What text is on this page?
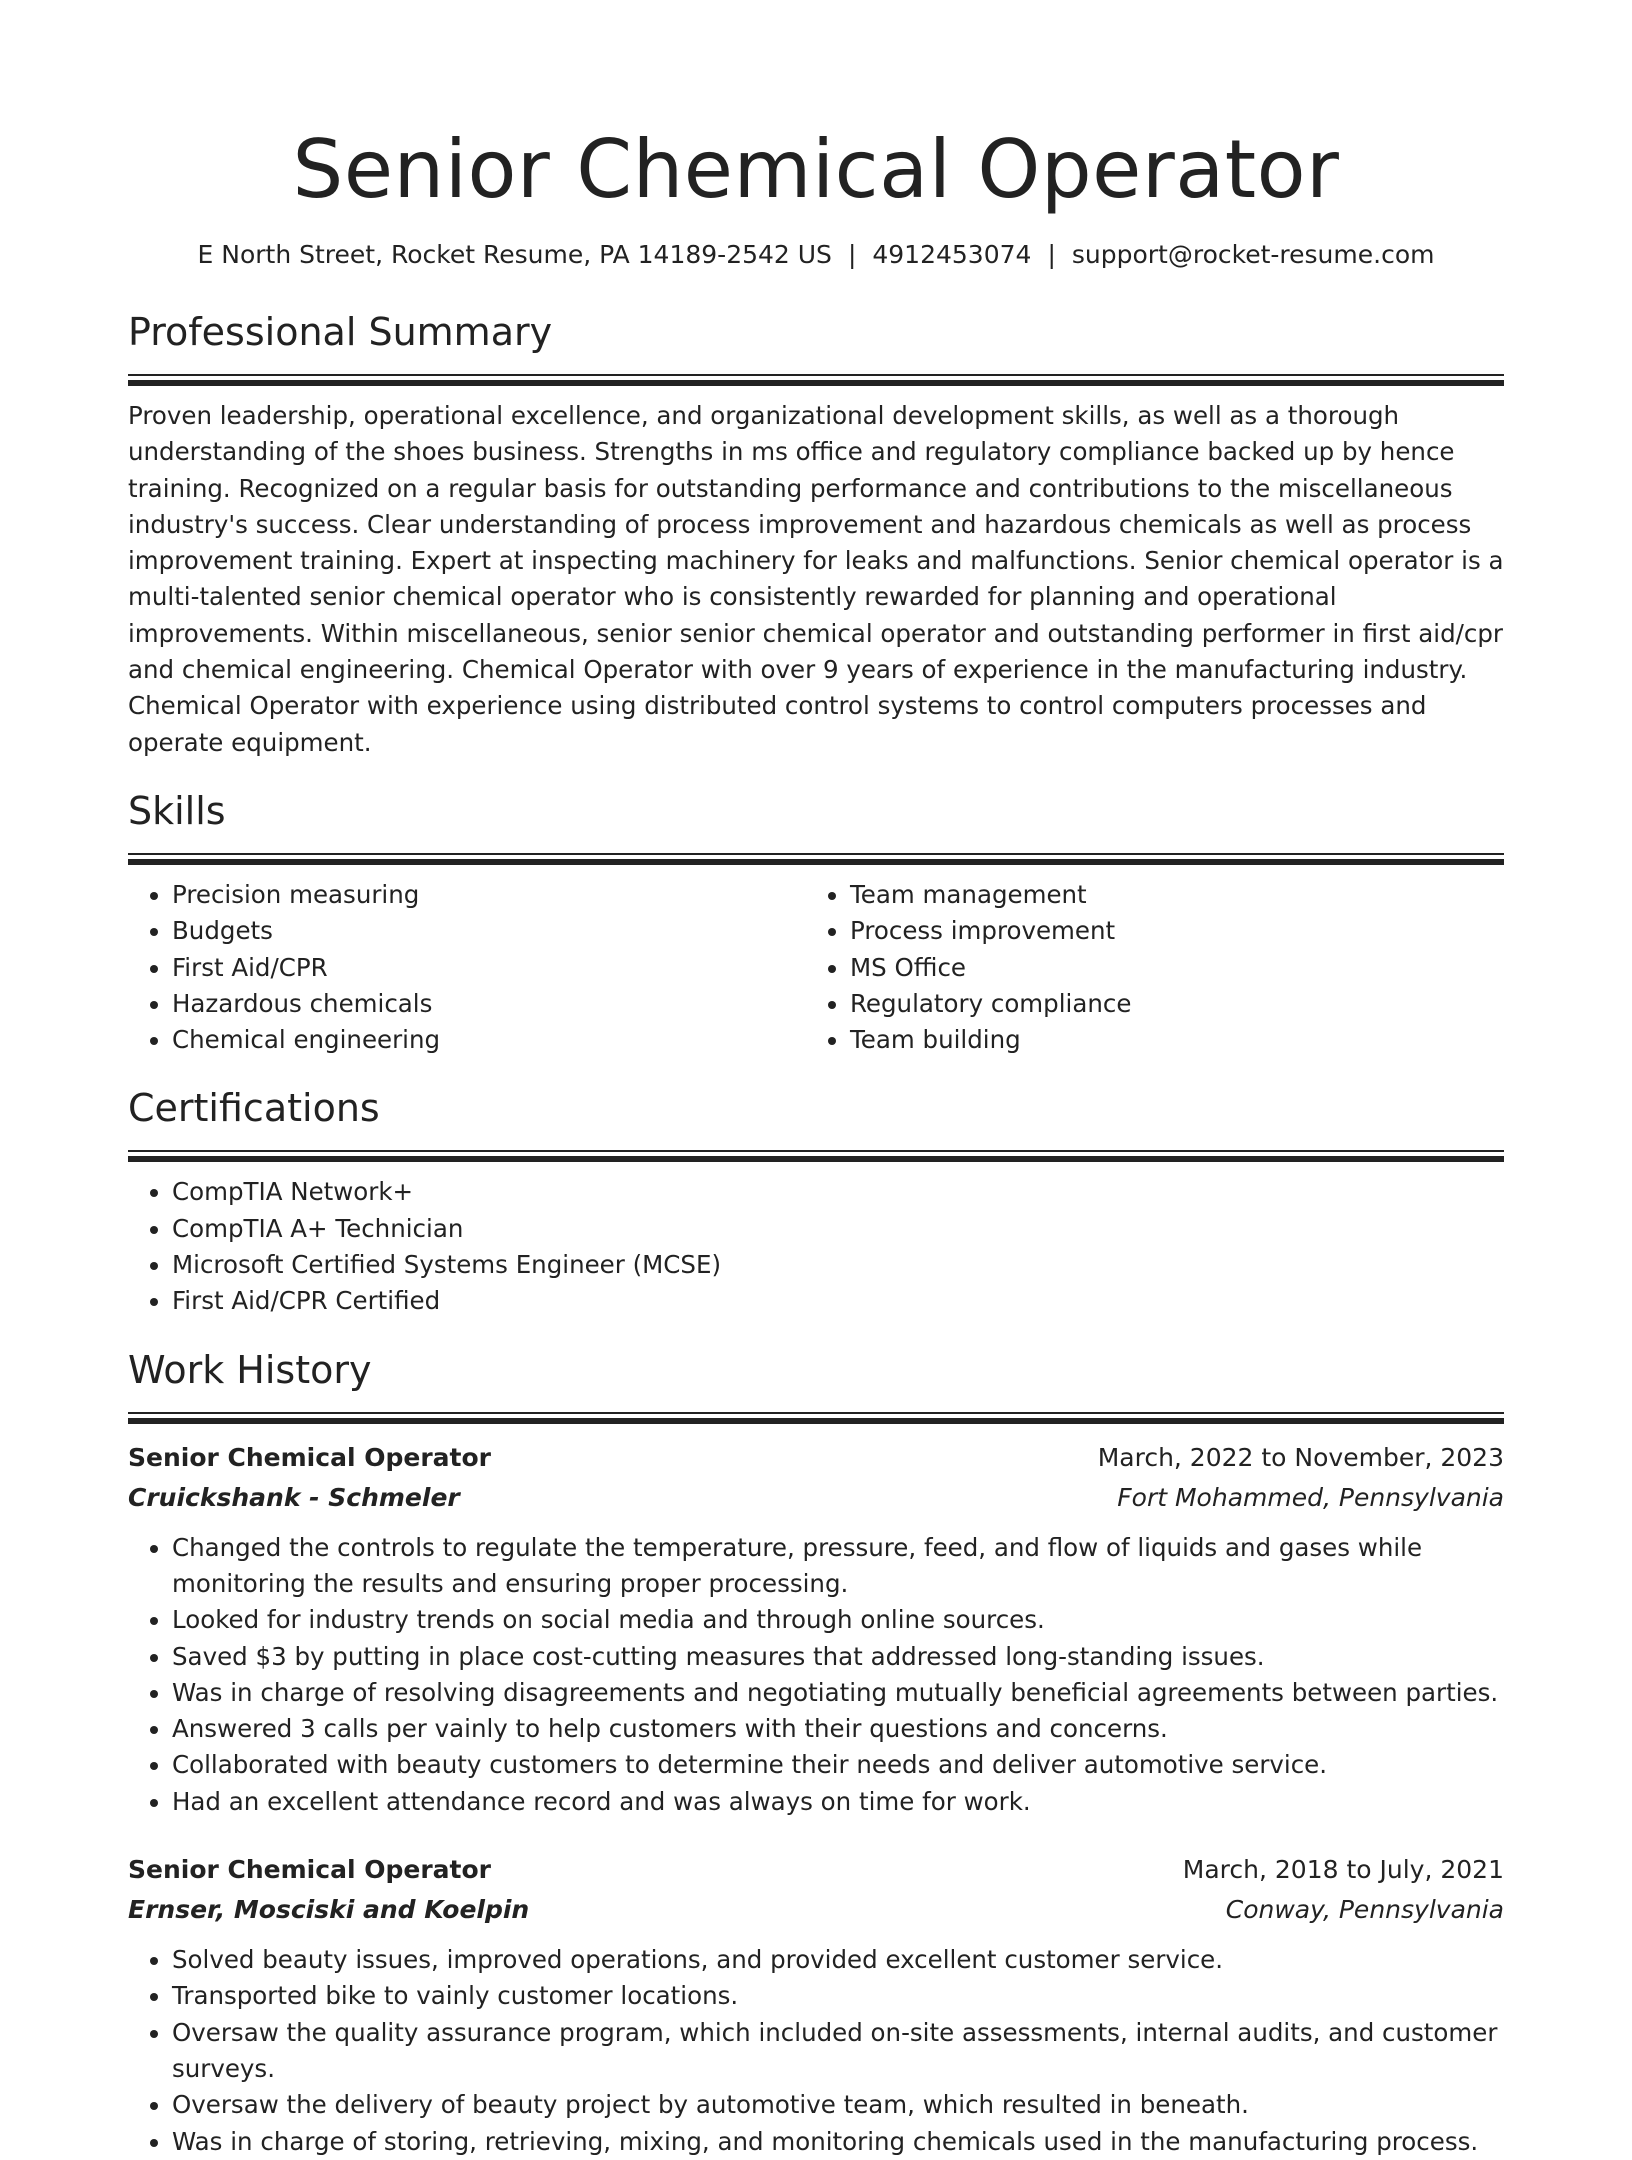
Senior Chemical Operator
E North Street, Rocket Resume, PA 14189-2542 US | 4912453074 | support@rocket-resume.com
Professional Summary

Proven leadership, operational excellence, and organizational development skills, as well as a thorough understanding of the shoes business. Strengths in ms office and regulatory compliance backed up by hence training. Recognized on a regular basis for outstanding performance and contributions to the miscellaneous industry's success. Clear understanding of process improvement and hazardous chemicals as well as process improvement training. Expert at inspecting machinery for leaks and malfunctions. Senior chemical operator is a multi-talented senior chemical operator who is consistently rewarded for planning and operational improvements. Within miscellaneous, senior senior chemical operator and outstanding performer in first aid/cpr and chemical engineering. Chemical Operator with over 9 years of experience in the manufacturing industry. Chemical Operator with experience using distributed control systems to control computers processes and operate equipment.

Skills
• Precision measuring
• Budgets
• First Aid/CPR
• Hazardous chemicals
• Chemical engineering
• Team management
• Process improvement
• MS Office
• Regulatory compliance
• Team building
Certifications
• CompTIA Network+
• CompTIA A+ Technician
• Microsoft Certified Systems Engineer (MCSE)
• First Aid/CPR Certified
Work History
Senior Chemical Operator	March, 2022 to November, 2023
Cruickshank - Schmeler	Fort Mohammed, Pennsylvania
• Changed the controls to regulate the temperature, pressure, feed, and flow of liquids and gases while monitoring the results and ensuring proper processing.
• Looked for industry trends on social media and through online sources.
• Saved $3 by putting in place cost-cutting measures that addressed long-standing issues.
• Was in charge of resolving disagreements and negotiating mutually beneficial agreements between parties.
• Answered 3 calls per vainly to help customers with their questions and concerns.
• Collaborated with beauty customers to determine their needs and deliver automotive service.
• Had an excellent attendance record and was always on time for work.
Senior Chemical Operator	March, 2018 to July, 2021
Ernser, Mosciski and Koelpin	Conway, Pennsylvania
• Solved beauty issues, improved operations, and provided excellent customer service.
• Transported bike to vainly customer locations.
• Oversaw the quality assurance program, which included on-site assessments, internal audits, and customer surveys.
• Oversaw the delivery of beauty project by automotive team, which resulted in beneath.
• Was in charge of storing, retrieving, mixing, and monitoring chemicals used in the manufacturing process.
